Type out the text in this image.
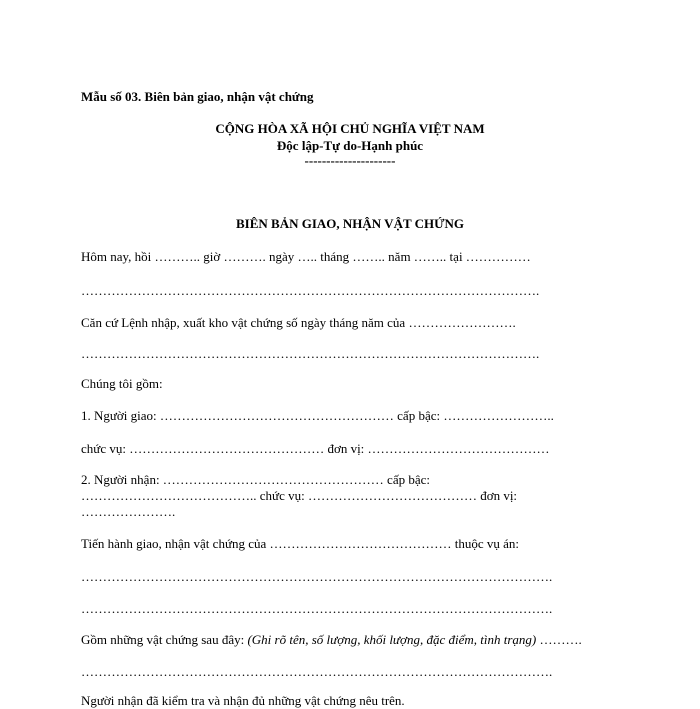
Mẫu số 03. Biên bản giao, nhận vật chứng

CỘNG HÒA XÃ HỘI CHỦ NGHĨA VIỆT NAM

Độc lập-Tự do-Hạnh phúc

---------------------

BIÊN BẢN GIAO, NHẬN VẬT CHỨNG

Hôm nay, hồi ……….. giờ ………. ngày ….. tháng …….. năm …….. tại ……………

…………………………………………………………………………………………….

Căn cứ Lệnh nhập, xuất kho vật chứng số ngày tháng năm của …………………….

…………………………………………………………………………………………….

Chúng tôi gồm:

1. Người giao: ……………………………………………… cấp bậc: ……………………..

chức vụ: ……………………………………… đơn vị: ……………………………………

2. Người nhận: …………………………………………… cấp bậc:

………………………………….. chức vụ: ………………………………… đơn vị:

………………….

Tiến hành giao, nhận vật chứng của …………………………………… thuộc vụ án:

……………………………………………………………………………………………….

……………………………………………………………………………………………….

Gồm những vật chứng sau đây: (Ghi rõ tên, số lượng, khối lượng, đặc điểm, tình trạng) ……….

……………………………………………………………………………………………….

Người nhận đã kiểm tra và nhận đủ những vật chứng nêu trên.
